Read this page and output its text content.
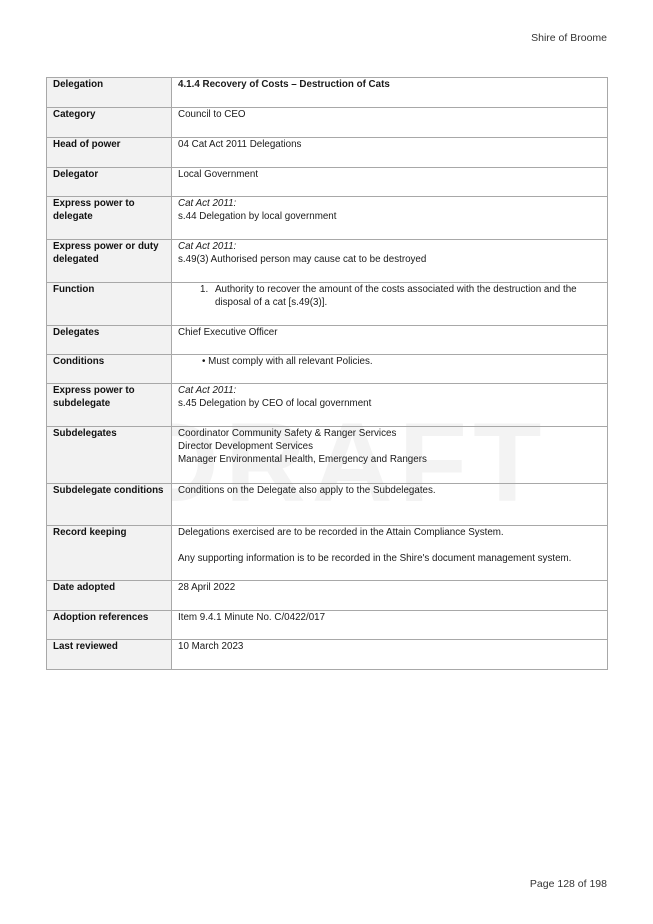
Shire of Broome
Delegation	4.1.4 Recovery of Costs – Destruction of Cats
Category	Council to CEO
Head of power	04 Cat Act 2011 Delegations
Delegator	Local Government
Express power to delegate	Cat Act 2011:
s.44 Delegation by local government

Express power or duty delegated	Cat Act 2011:
s.49(3) Authorised person may cause cat to be destroyed

Function	1. Authority to recover the amount of the costs associated with the destruction and the disposal of a cat [s.49(3)].

Delegates	Chief Executive Officer
Conditions	• Must comply with all relevant Policies.

Express power to subdelegate	Cat Act 2011:
s.45 Delegation by CEO of local government

Subdelegates	Coordinator Community Safety & Ranger Services
Director Development Services
Manager Environmental Health, Emergency and Rangers

Subdelegate conditions	Conditions on the Delegate also apply to the Subdelegates.
Record keeping	Delegations exercised are to be recorded in the Attain Compliance System.
Any supporting information is to be recorded in the Shire's document management system.

Date adopted	28 April 2022
Adoption references	Item 9.4.1 Minute No. C/0422/017
Last reviewed	10 March 2023
Page 128 of 198
